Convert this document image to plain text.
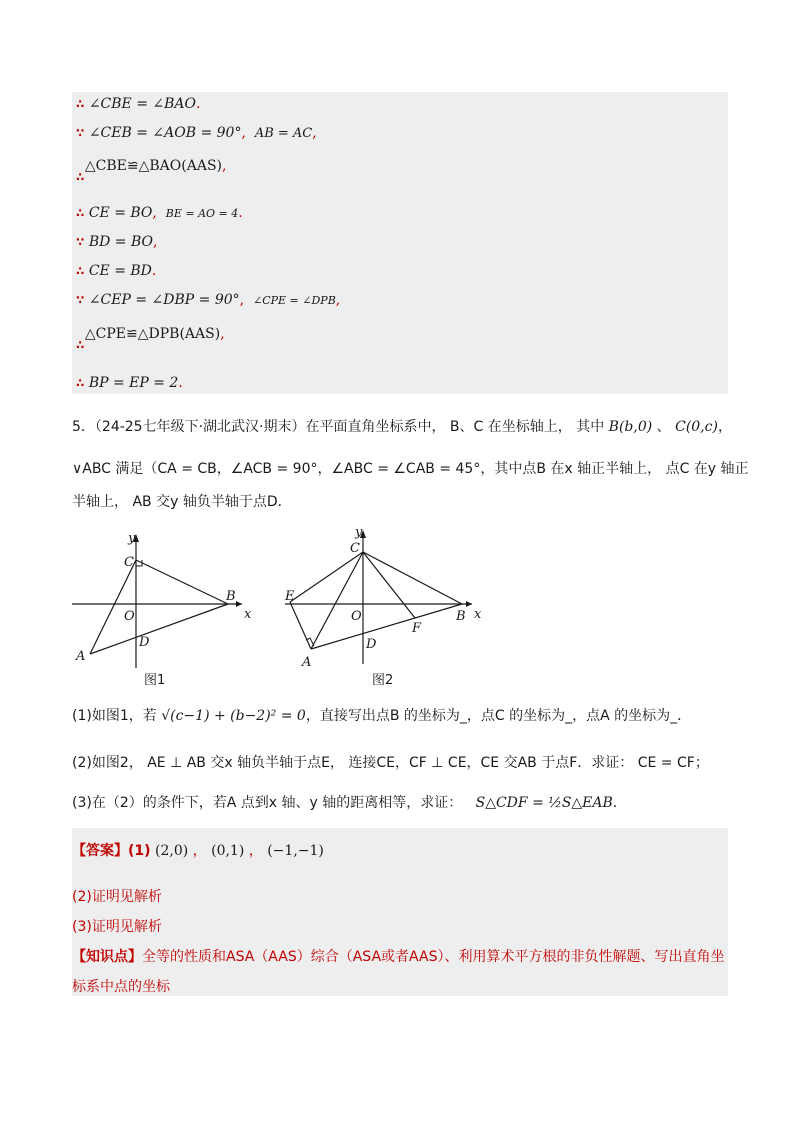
∴ ∠CBE = ∠BAO.
∵ ∠CEB = ∠AOB = 90°, AB = AC,
△CBE≌△BAO(AAS),
∴
∴ CE = BO, BE = AO = 4.
∵ BD = BO,
∴ CE = BD.
∵ ∠CEP = ∠DBP = 90°, ∠CPE = ∠DPB,
△CPE≌△DPB(AAS),
∴
∴ BP = EP = 2.
5．（24-25七年级下·湖北武汉·期末）在平面直角坐标系中， B、C 在坐标轴上， 其中 B(b,0) 、 C(0,c)，
∨ABC 满足（CA = CB，∠ACB = 90°，∠ABC = ∠CAB = 45°，其中点B 在x 轴正半轴上， 点C 在y 轴正
半轴上， AB 交y 轴负半轴于点D．
y
x
C
O
B
D
A
图1
y
x
C
O	B
D
A
E
F
图2
(1)如图1，若 √(c−1) + (b−2)² = 0，直接写出点B 的坐标为_，点C 的坐标为_，点A 的坐标为_．
(2)如图2， AE ⊥ AB 交x 轴负半轴于点E， 连接CE，CF ⊥ CE，CE 交AB 于点F．求证： CE = CF；
(3)在（2）的条件下，若A 点到x 轴、y 轴的距离相等，求证： S△CDF = ½S△EAB．
【答案】(1) (2,0) ， (0,1) ， (−1,−1)
(2)证明见解析
(3)证明见解析
【知识点】全等的性质和ASA（AAS）综合（ASA或者AAS）、利用算术平方根的非负性解题、写出直角坐
标系中点的坐标
